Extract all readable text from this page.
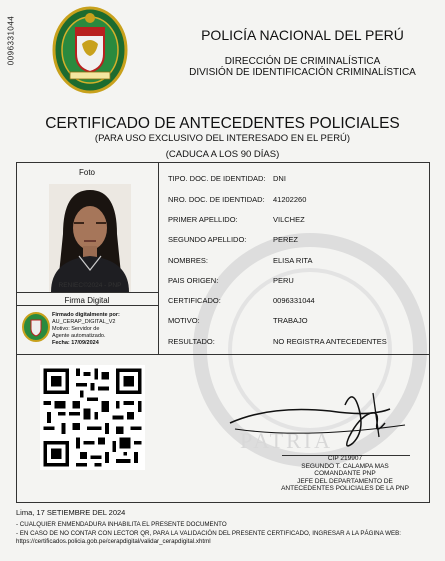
0096331044	POLICÍA NACIONAL DEL PERÚ
DIRECCIÓN DE CRIMINALÍSTICA
DIVISIÓN DE IDENTIFICACIÓN CRIMINALÍSTICA
CERTIFICADO DE ANTECEDENTES POLICIALES
(PARA USO EXCLUSIVO DEL INTERESADO EN EL PERÚ)
(CADUCA A LOS 90 DÍAS)
PATRIA
Foto
RENIEC©2024 - PNP
Firma Digital
Firmado digitalmente por:
AU_CERAP_DIGITAL_V2
Motivo: Servidor de
Agente automatizado.
Fecha: 17/09/2024
TIPO. DOC. DE IDENTIDAD: DNI
NRO. DOC. DE IDENTIDAD: 41202260
PRIMER APELLIDO:	VILCHEZ
SEGUNDO APELLIDO:	PEREZ
NOMBRES:	ELISA RITA
PAIS ORIGEN:	PERU
CERTIFICADO:	0096331044
MOTIVO:	TRABAJO
RESULTADO:	NO REGISTRA ANTECEDENTES
CIP 219907
SEGUNDO T. CALAMPA MAS
COMANDANTE PNP
JEFE DEL DEPARTAMENTO DE
ANTECEDENTES POLICIALES DE LA PNP
Lima, 17 SETIEMBRE DEL 2024
- CUALQUIER ENMENDADURA INHABILITA EL PRESENTE DOCUMENTO
- EN CASO DE NO CONTAR CON LECTOR QR, PARA LA VALIDACIÓN DEL PRESENTE CERTIFICADO, INGRESAR A LA PÁGINA WEB:
https://certificados.policia.gob.pe/cerapdigital/validar_cerapdigital.xhtml
